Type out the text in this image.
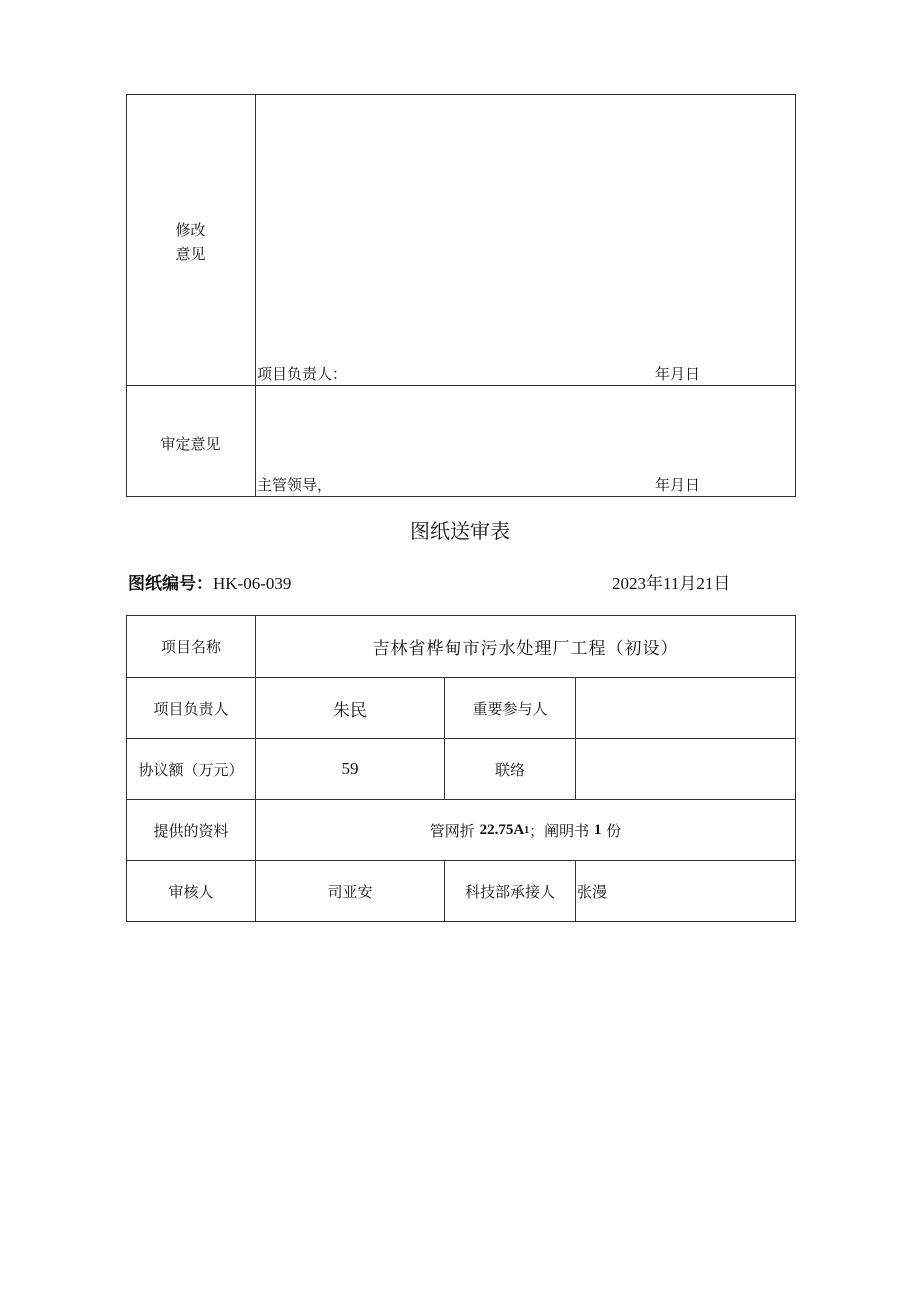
修改
意见
项目负责人：	年月日
审定意见
主管领导，	年月日
图纸送审表
图纸编号：HK-06-039	2023年11月21日
项目名称	吉林省桦甸市污水处理厂工程（初设）
项目负责人	朱民	重要参与人
协议额（万元）	59	联络
提供的资料	管网折 22.75A 1 ；阐明书 1 份
审核人	司亚安	科技部承接人	张漫
